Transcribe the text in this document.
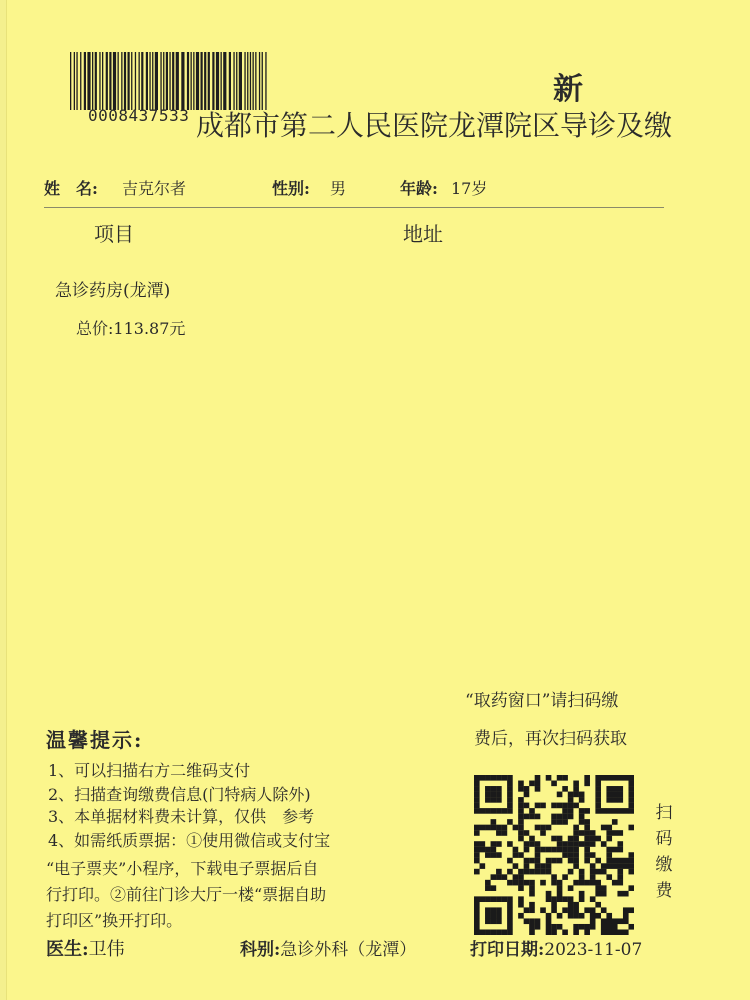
0008437533
新
成都市第二人民医院龙潭院区导诊及缴
姓　名: 吉克尔者	性别: 男	年龄: 17岁
项目	地址
急诊药房(龙潭)
总价:113.87元
“取药窗口”请扫码缴
费后，再次扫码获取
温馨提示:
1、可以扫描右方二维码支付
2、扫描查询缴费信息(门特病人除外)
3、本单据材料费未计算，仅供　参考
4、如需纸质票据：①使用微信或支付宝
“电子票夹”小程序，下载电子票据后自
行打印。②前往门诊大厅一楼“票据自助
打印区”换开打印。
扫码缴费
医生:卫伟	科别:急诊外科（龙潭）	打印日期:2023-11-07
